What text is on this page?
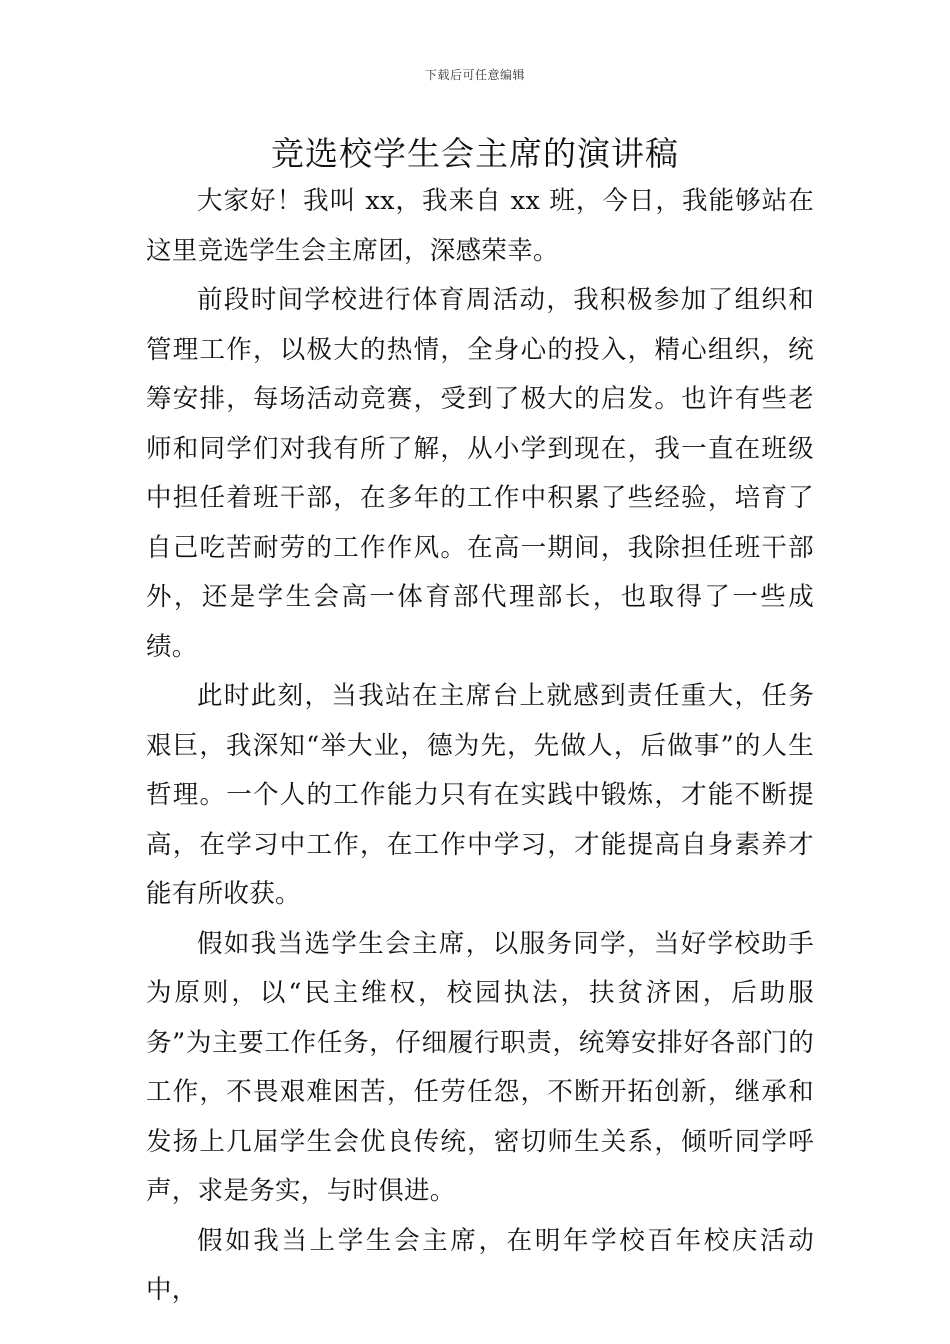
下载后可任意编辑
竞选校学生会主席的演讲稿

大家好！我叫 xx，我来自 xx 班，今日，我能够站在这里竞选学生会主席团，深感荣幸。

前段时间学校进行体育周活动，我积极参加了组织和管理工作，以极大的热情，全身心的投入，精心组织，统筹安排，每场活动竞赛，受到了极大的启发。也许有些老师和同学们对我有所了解，从小学到现在，我一直在班级中担任着班干部，在多年的工作中积累了些经验，培育了自己吃苦耐劳的工作作风。在高一期间，我除担任班干部外，还是学生会高一体育部代理部长，也取得了一些成绩。

此时此刻，当我站在主席台上就感到责任重大，任务艰巨，我深知“举大业，德为先，先做人，后做事”的人生哲理。一个人的工作能力只有在实践中锻炼，才能不断提高，在学习中工作，在工作中学习，才能提高自身素养才能有所收获。

假如我当选学生会主席，以服务同学，当好学校助手为原则，以“民主维权，校园执法，扶贫济困，后助服务”为主要工作任务，仔细履行职责，统筹安排好各部门的工作，不畏艰难困苦，任劳任怨，不断开拓创新，继承和发扬上几届学生会优良传统，密切师生关系，倾听同学呼声，求是务实，与时俱进。

假如我当上学生会主席，在明年学校百年校庆活动中，
